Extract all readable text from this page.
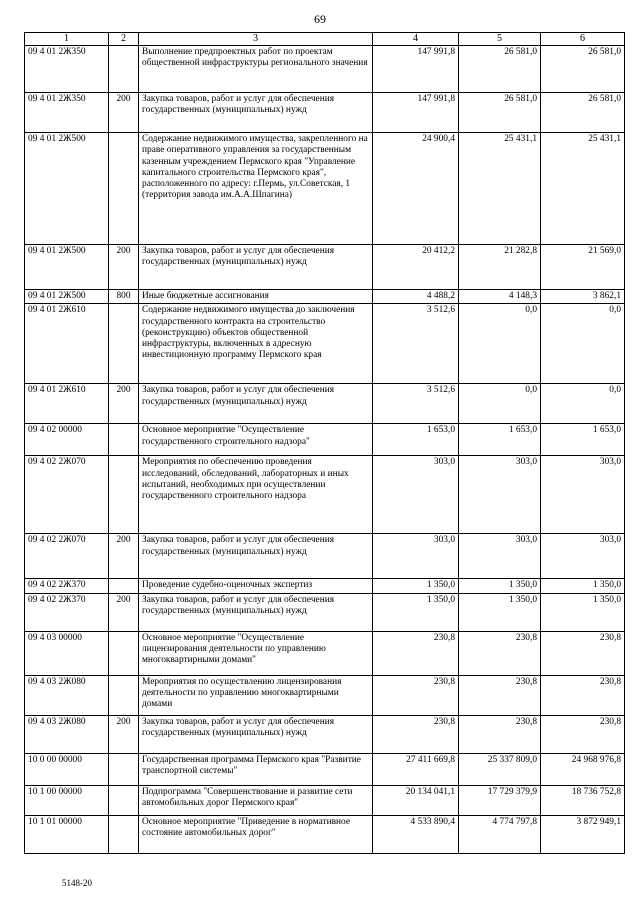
69
1	2	3	4	5	6
09 4 01 2Ж350		Выполнение предпроектных работ по проектам общественной инфраструктуры регионального значения	147 991,8	26 581,0	26 581,0
09 4 01 2Ж350	200	Закупка товаров, работ и услуг для обеспечения государственных (муниципальных) нужд	147 991,8	26 581,0	26 581,0
09 4 01 2Ж500		Содержание недвижимого имущества, закрепленного на праве оперативного управления за государственным казенным учреждением Пермского края "Управление капитального строительства Пермского края", расположенного по адресу: г.Пермь, ул.Советская, 1 (территория завода им.А.А.Шпагина)	24 900,4	25 431,1	25 431,1
09 4 01 2Ж500	200	Закупка товаров, работ и услуг для обеспечения государственных (муниципальных) нужд	20 412,2	21 282,8	21 569,0
09 4 01 2Ж500	800	Иные бюджетные ассигнования	4 488,2	4 148,3	3 862,1
09 4 01 2Ж610		Содержание недвижимого имущества до заключения государственного контракта на строительство (реконструкцию) объектов общественной инфраструктуры, включенных в адресную инвестиционную программу Пермского края	3 512,6	0,0	0,0
09 4 01 2Ж610	200	Закупка товаров, работ и услуг для обеспечения государственных (муниципальных) нужд	3 512,6	0,0	0,0
09 4 02 00000		Основное мероприятие "Осуществление государственного строительного надзора"	1 653,0	1 653,0	1 653,0
09 4 02 2Ж070		Мероприятия по обеспечению проведения исследований, обследований, лабораторных и иных испытаний, необходимых при осуществлении государственного строительного надзора	303,0	303,0	303,0
09 4 02 2Ж070	200	Закупка товаров, работ и услуг для обеспечения государственных (муниципальных) нужд	303,0	303,0	303,0
09 4 02 2Ж370		Проведение судебно-оценочных экспертиз	1 350,0	1 350,0	1 350,0
09 4 02 2Ж370	200	Закупка товаров, работ и услуг для обеспечения государственных (муниципальных) нужд	1 350,0	1 350,0	1 350,0
09 4 03 00000		Основное мероприятие "Осуществление лицензирования деятельности по управлению многоквартирными домами"	230,8	230,8	230,8
09 4 03 2Ж080		Мероприятия по осуществлению лицензирования деятельности по управлению многоквартирными домами	230,8	230,8	230,8
09 4 03 2Ж080	200	Закупка товаров, работ и услуг для обеспечения государственных (муниципальных) нужд	230,8	230,8	230,8
10 0 00 00000		Государственная программа Пермского края "Развитие транспортной системы"	27 411 669,8	25 337 809,0	24 968 976,8
10 1 00 00000		Подпрограмма "Совершенствование и развитие сети автомобильных дорог Пермского края"	20 134 041,1	17 729 379,9	18 736 752,8
10 1 01 00000		Основное мероприятие "Приведение в нормативное состояние автомобильных дорог"	4 533 890,4	4 774 797,8	3 872 949,1
5148-20
